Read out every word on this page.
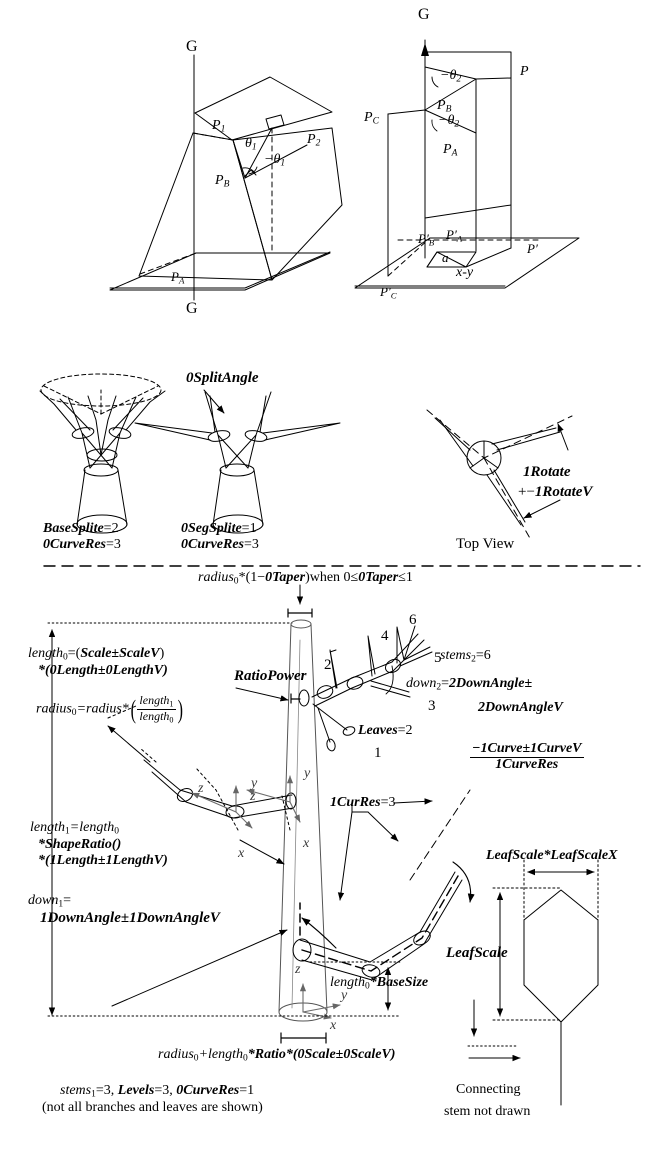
G
G
$P_1$
$P_2$
$P_B$
$P_A$
$\theta_1$
$-\theta_1$
G
P
$P_B$
$P_A$
$P_C$
$P'_B$
$P'_A$
$P'_C$
P′
$-\theta_2$
$-\theta_2$
a
x-y
0SplitAngle
BaseSplite=2
0CurveRes=3
0SegSplite=1
0CurveRes=3
1Rotate
+−1RotateV
Top View
radius0*(1−0Taper)when 0≤0Taper≤1
length0=(Scale±ScaleV)
*(0Length±0LengthV)
radius0=radius*( $\frac{\text{length1}}{\text{length0}}$ )
RatioPower
length1=length0
*ShapeRatio()
*(1Length±1LengthV)
down1=
1DownAngle±1DownAngleV
stems2=6
down2=2DownAngle±
2DownAngleV
Leaves=2
1
2
3
4
5
6
$\frac{\text{−1Curve±1CurveV}}{\text{1CurveRes}}$
1CurRes=3
length0*BaseSize
radius0+length0*Ratio*(0Scale±0ScaleV)
x
y
z
x
y
z
x
y
z
stems1=3, Levels=3, 0CurveRes=1
(not all branches and leaves are shown)
LeafScale*LeafScaleX
LeafScale
Connecting
stem not drawn
